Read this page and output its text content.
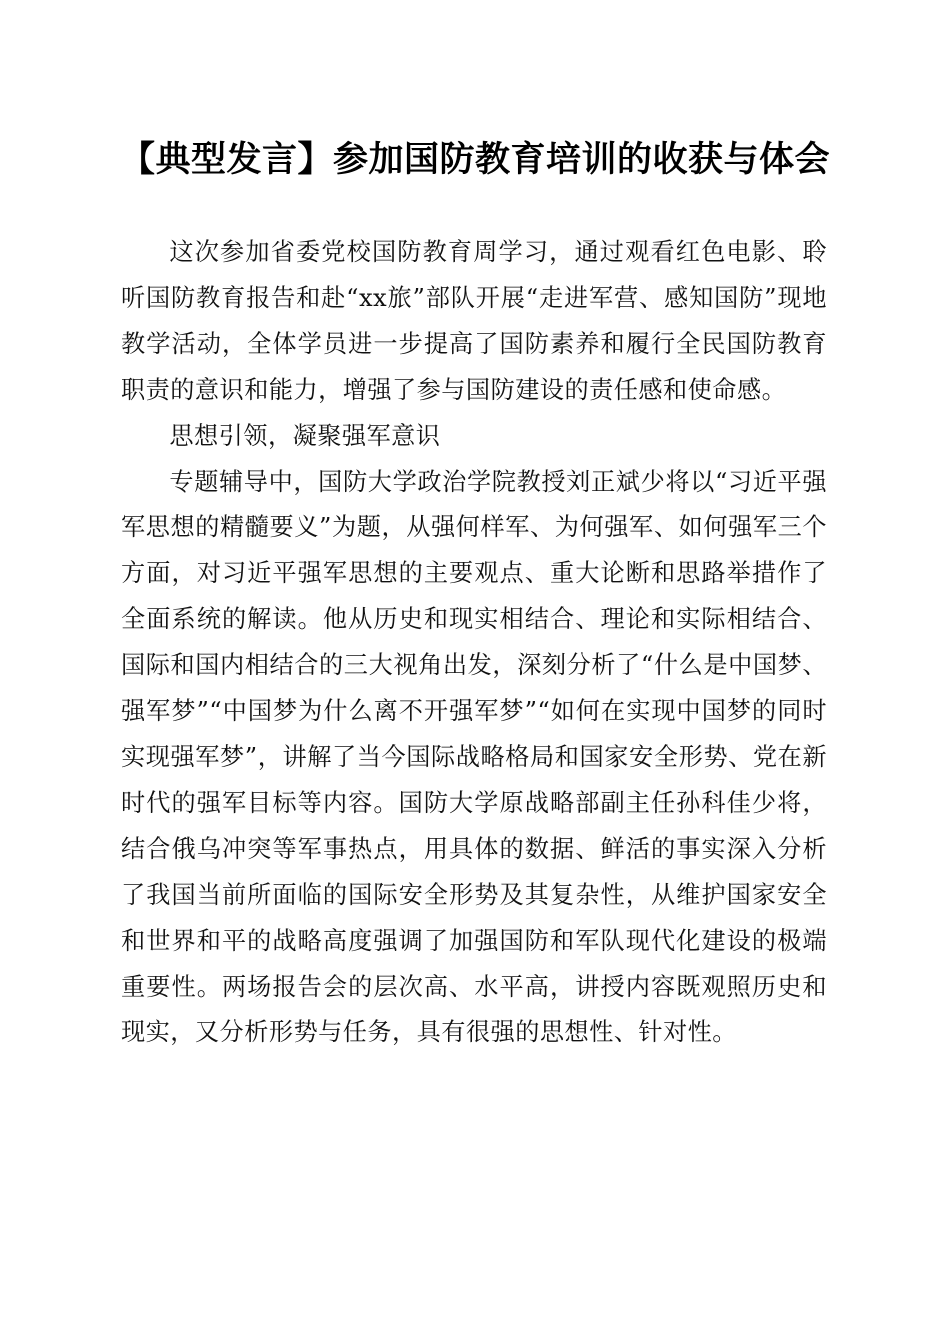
【典型发言】参加国防教育培训的收获与体会

这次参加省委党校国防教育周学习，通过观看红色电影、聆听国防教育报告和赴“xx旅”部队开展“走进军营、感知国防”现地教学活动，全体学员进一步提高了国防素养和履行全民国防教育职责的意识和能力，增强了参与国防建设的责任感和使命感。

思想引领，凝聚强军意识

专题辅导中，国防大学政治学院教授刘正斌少将以“习近平强军思想的精髓要义”为题，从强何样军、为何强军、如何强军三个方面，对习近平强军思想的主要观点、重大论断和思路举措作了全面系统的解读。他从历史和现实相结合、理论和实际相结合、国际和国内相结合的三大视角出发，深刻分析了“什么是中国梦、强军梦”“中国梦为什么离不开强军梦”“如何在实现中国梦的同时实现强军梦”，讲解了当今国际战略格局和国家安全形势、党在新时代的强军目标等内容。国防大学原战略部副主任孙科佳少将，结合俄乌冲突等军事热点，用具体的数据、鲜活的事实深入分析了我国当前所面临的国际安全形势及其复杂性，从维护国家安全和世界和平的战略高度强调了加强国防和军队现代化建设的极端重要性。两场报告会的层次高、水平高，讲授内容既观照历史和现实，又分析形势与任务，具有很强的思想性、针对性。
